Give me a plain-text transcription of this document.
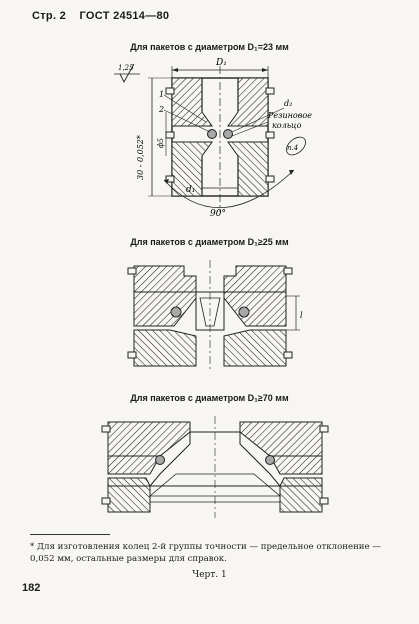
Стр. 2 ГОСТ 24514—80
Для пакетов с диаметром D₁=23 мм
D₁
d₁
1,25
30 - 0,052* ф5
1
2
d₂
Резиновое
кольцо
п.4
90°
Для пакетов с диаметром D₁≥25 мм
l
Для пакетов с диаметром D₁≥70 мм
* Для изготовления колец 2-й группы точности — предельное отклонение — 0,052 мм, остальные размеры для справок.
Черт. 1
182
